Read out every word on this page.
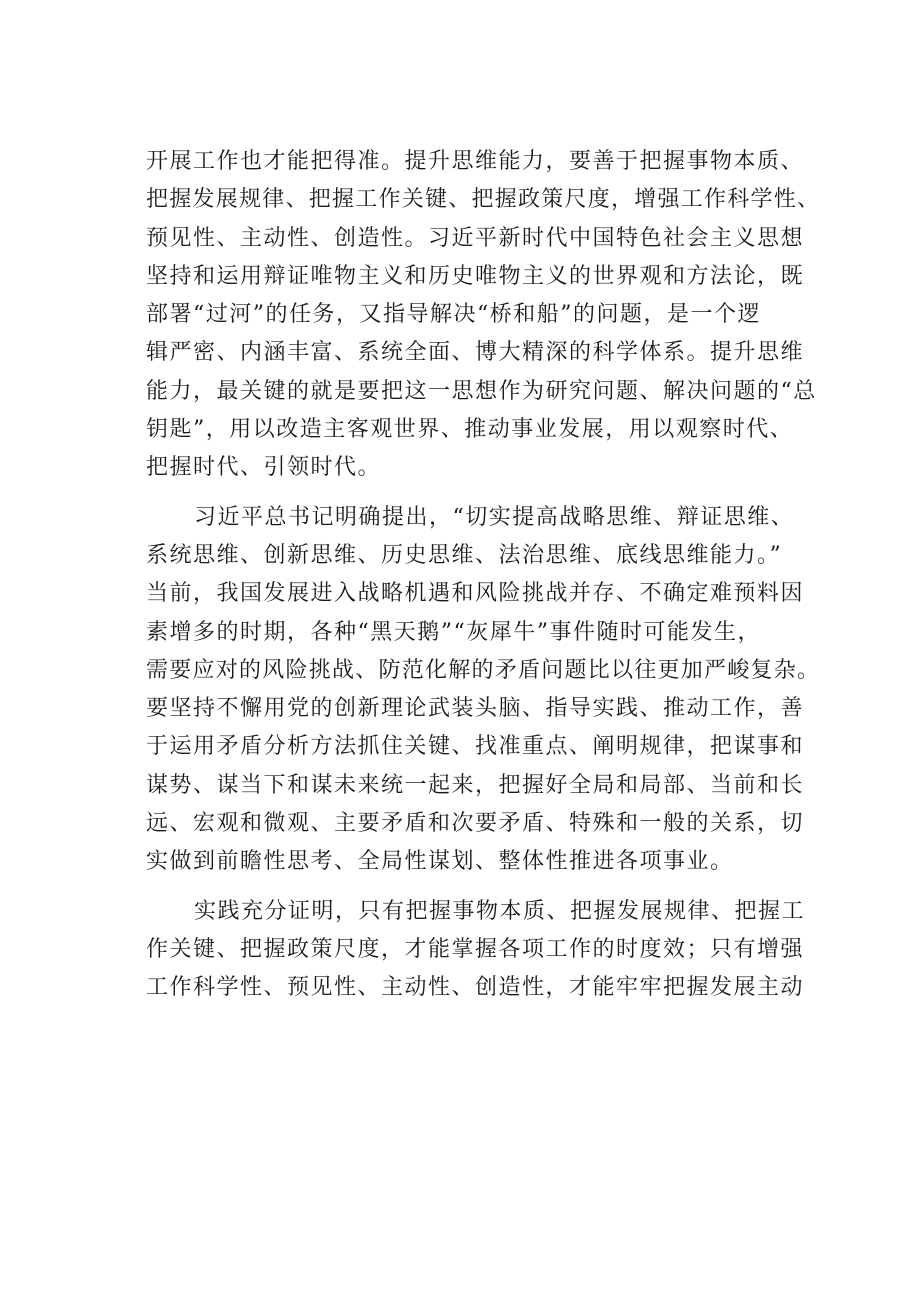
开展工作也才能把得准。提升思维能力，要善于把握事物本质、
把握发展规律、把握工作关键、把握政策尺度，增强工作科学性、
预见性、主动性、创造性。习近平新时代中国特色社会主义思想
坚持和运用辩证唯物主义和历史唯物主义的世界观和方法论，既
部署“过河”的任务，又指导解决“桥和船”的问题，是一个逻
辑严密、内涵丰富、系统全面、博大精深的科学体系。提升思维
能力，最关键的就是要把这一思想作为研究问题、解决问题的“总
钥匙”，用以改造主客观世界、推动事业发展，用以观察时代、
把握时代、引领时代。
习近平总书记明确提出，“切实提高战略思维、辩证思维、
系统思维、创新思维、历史思维、法治思维、底线思维能力。”
当前，我国发展进入战略机遇和风险挑战并存、不确定难预料因
素增多的时期，各种“黑天鹅”“灰犀牛”事件随时可能发生，
需要应对的风险挑战、防范化解的矛盾问题比以往更加严峻复杂。
要坚持不懈用党的创新理论武装头脑、指导实践、推动工作，善
于运用矛盾分析方法抓住关键、找准重点、阐明规律，把谋事和
谋势、谋当下和谋未来统一起来，把握好全局和局部、当前和长
远、宏观和微观、主要矛盾和次要矛盾、特殊和一般的关系，切
实做到前瞻性思考、全局性谋划、整体性推进各项事业。
实践充分证明，只有把握事物本质、把握发展规律、把握工
作关键、把握政策尺度，才能掌握各项工作的时度效；只有增强
工作科学性、预见性、主动性、创造性，才能牢牢把握发展主动
